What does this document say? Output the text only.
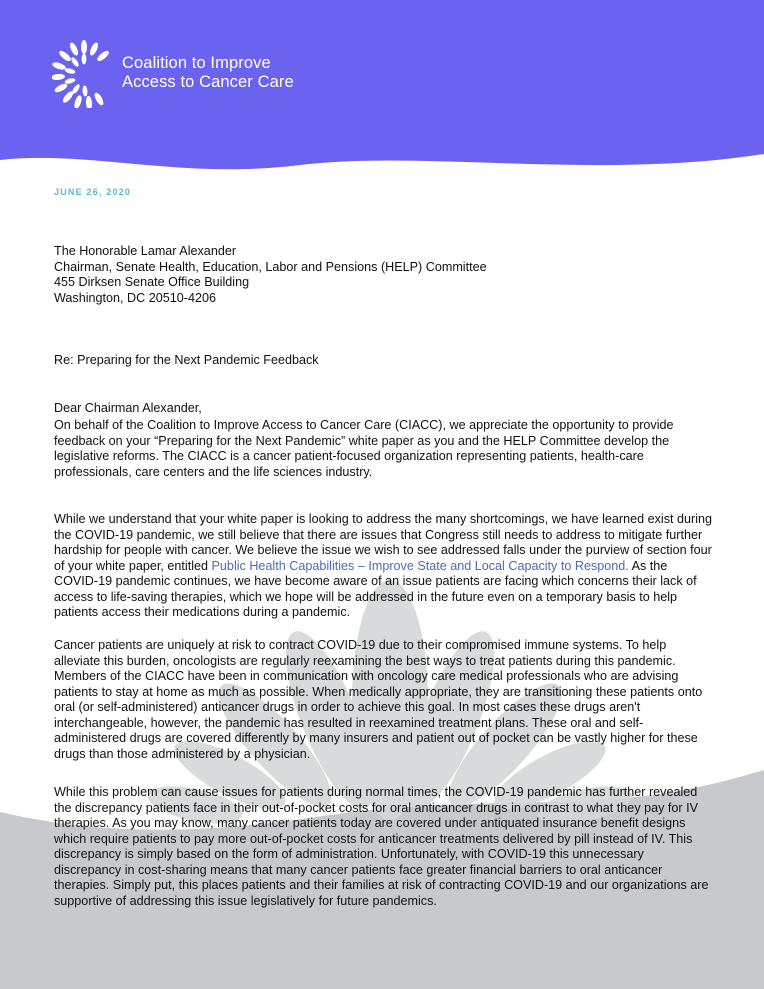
Coalition to Improve
Access to Cancer Care
JUNE 26, 2020
The Honorable Lamar Alexander
Chairman, Senate Health, Education, Labor and Pensions (HELP) Committee
455 Dirksen Senate Office Building
Washington, DC 20510-4206
Re: Preparing for the Next Pandemic Feedback
Dear Chairman Alexander,
On behalf of the Coalition to Improve Access to Cancer Care (CIACC), we appreciate the opportunity to provide feedback on your “Preparing for the Next Pandemic” white paper as you and the HELP Committee develop the legislative reforms. The CIACC is a cancer patient-focused organization representing patients, health-care professionals, care centers and the life sciences industry.
While we understand that your white paper is looking to address the many shortcomings, we have learned exist during the COVID-19 pandemic, we still believe that there are issues that Congress still needs to address to mitigate further hardship for people with cancer. We believe the issue we wish to see addressed falls under the purview of section four of your white paper, entitled Public Health Capabilities – Improve State and Local Capacity to Respond. As the COVID-19 pandemic continues, we have become aware of an issue patients are facing which concerns their lack of access to life-saving therapies, which we hope will be addressed in the future even on a temporary basis to help patients access their medications during a pandemic.
Cancer patients are uniquely at risk to contract COVID-19 due to their compromised immune systems. To help alleviate this burden, oncologists are regularly reexamining the best ways to treat patients during this pandemic. Members of the CIACC have been in communication with oncology care medical professionals who are advising patients to stay at home as much as possible. When medically appropriate, they are transitioning these patients onto oral (or self-administered) anticancer drugs in order to achieve this goal. In most cases these drugs aren't interchangeable, however, the pandemic has resulted in reexamined treatment plans. These oral and self-administered drugs are covered differently by many insurers and patient out of pocket can be vastly higher for these drugs than those administered by a physician.
While this problem can cause issues for patients during normal times, the COVID-19 pandemic has further revealed the discrepancy patients face in their out-of-pocket costs for oral anticancer drugs in contrast to what they pay for IV therapies. As you may know, many cancer patients today are covered under antiquated insurance benefit designs which require patients to pay more out-of-pocket costs for anticancer treatments delivered by pill instead of IV. This discrepancy is simply based on the form of administration. Unfortunately, with COVID-19 this unnecessary discrepancy in cost-sharing means that many cancer patients face greater financial barriers to oral anticancer therapies. Simply put, this places patients and their families at risk of contracting COVID-19 and our organizations are supportive of addressing this issue legislatively for future pandemics.
